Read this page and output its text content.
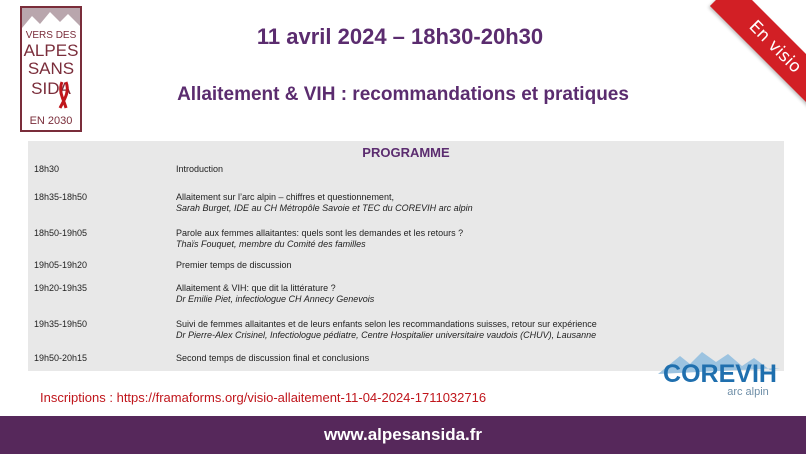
VERS DES
ALPES
SANS
SIDA
EN 2030
11 avril 2024 – 18h30-20h30
Allaitement & VIH : recommandations et pratiques
En visio
PROGRAMME
18h30	Introduction
18h35-18h50	Allaitement sur l’arc alpin – chiffres et questionnement,
Sarah Burget, IDE au CH Métropôle Savoie et TEC du COREVIH arc alpin
18h50-19h05	Parole aux femmes allaitantes: quels sont les demandes et les retours ?
Thaïs Fouquet, membre du Comité des familles
19h05-19h20	Premier temps de discussion
19h20-19h35	Allaitement & VIH: que dit la littérature ?
Dr Emilie Piet, infectiologue CH Annecy Genevois
19h35-19h50	Suivi de femmes allaitantes et de leurs enfants selon les recommandations suisses, retour sur expérience
Dr Pierre-Alex Crisinel, Infectiologue pédiatre, Centre Hospitalier universitaire vaudois (CHUV), Lausanne
19h50-20h15	Second temps de discussion final et conclusions
COREVIH
arc alpin
Inscriptions : https://framaforms.org/visio-allaitement-11-04-2024-1711032716
www.alpesansida.fr
